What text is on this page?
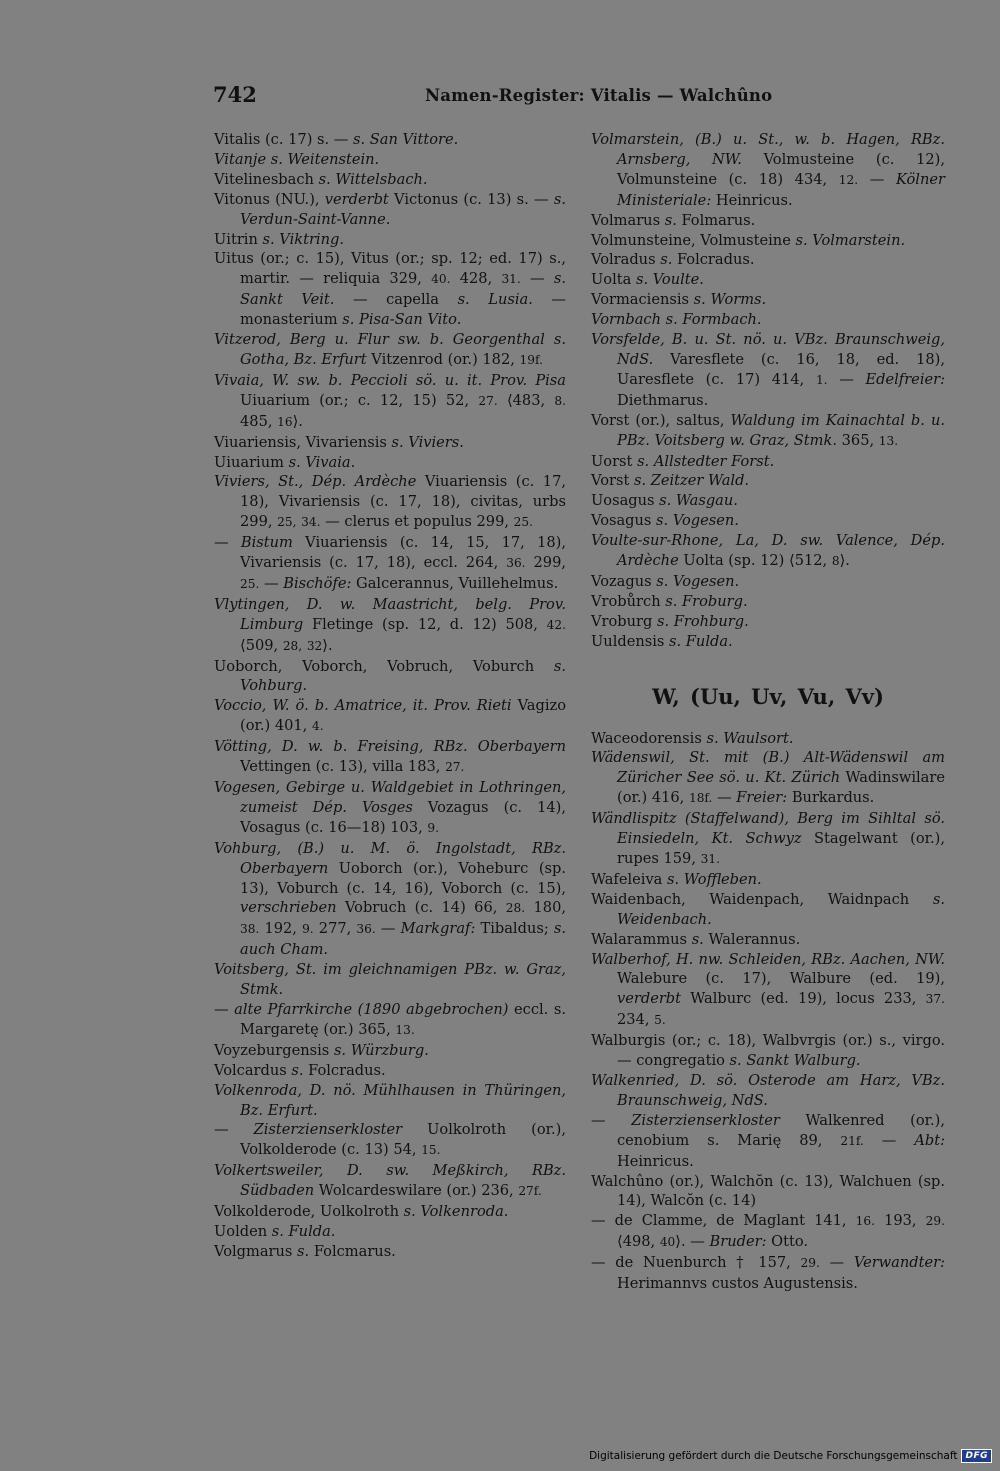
742	Namen-Register: Vitalis — Walchûno
Vitalis (c. 17) s. — s. San Vittore.
Vitanje s. Weitenstein.
Vitelinesbach s. Wittelsbach.
Vitonus (NU.), verderbt Victonus (c. 13) s. — s. Verdun-Saint-Vanne.
Uitrin s. Viktring.
Uitus (or.; c. 15), Vitus (or.; sp. 12; ed. 17) s., martir. — reliquia 329, 40. 428, 31. — s. Sankt Veit. — capella s. Lusia. — monasterium s. Pisa-San Vito.
Vitzerod, Berg u. Flur sw. b. Georgenthal s. Gotha, Bz. Erfurt Vitzenrod (or.) 182, 19f.
Vivaia, W. sw. b. Peccioli sö. u. it. Prov. Pisa Uiuarium (or.; c. 12, 15) 52, 27. ⟨483, 8. 485, 16⟩.
Viuariensis, Vivariensis s. Viviers.
Uiuarium s. Vivaia.
Viviers, St., Dép. Ardèche Viuariensis (c. 17, 18), Vivariensis (c. 17, 18), civitas, urbs 299, 25, 34. — clerus et populus 299, 25.
— Bistum Viuariensis (c. 14, 15, 17, 18), Vivariensis (c. 17, 18), eccl. 264, 36. 299, 25. — Bischöfe: Galcerannus, Vuillehelmus.
Vlytingen, D. w. Maastricht, belg. Prov. Limburg Fletinge (sp. 12, d. 12) 508, 42. ⟨509, 28, 32⟩.
Uoborch, Voborch, Vobruch, Voburch s. Vohburg.
Voccio, W. ö. b. Amatrice, it. Prov. Rieti Vagizo (or.) 401, 4.
Vötting, D. w. b. Freising, RBz. Oberbayern Vettingen (c. 13), villa 183, 27.
Vogesen, Gebirge u. Waldgebiet in Lothringen, zumeist Dép. Vosges Vozagus (c. 14), Vosagus (c. 16—18) 103, 9.
Vohburg, (B.) u. M. ö. Ingolstadt, RBz. Oberbayern Uoborch (or.), Voheburc (sp. 13), Voburch (c. 14, 16), Voborch (c. 15), verschrieben Vobruch (c. 14) 66, 28. 180, 38. 192, 9. 277, 36. — Markgraf: Tibaldus; s. auch Cham.
Voitsberg, St. im gleichnamigen PBz. w. Graz, Stmk.
— alte Pfarrkirche (1890 abgebrochen) eccl. s. Margaretę (or.) 365, 13.
Voyzeburgensis s. Würzburg.
Volcardus s. Folcradus.
Volkenroda, D. nö. Mühlhausen in Thüringen, Bz. Erfurt.
— Zisterzienserkloster Uolkolroth (or.), Volkolderode (c. 13) 54, 15.
Volkertsweiler, D. sw. Meßkirch, RBz. Südbaden Wolcardeswilare (or.) 236, 27f.
Volkolderode, Uolkolroth s. Volkenroda.
Uolden s. Fulda.
Volgmarus s. Folcmarus.
Volmarstein, (B.) u. St., w. b. Hagen, RBz. Arnsberg, NW. Volmusteine (c. 12), Volmunsteine (c. 18) 434, 12. — Kölner Ministeriale: Heinricus.
Volmarus s. Folmarus.
Volmunsteine, Volmusteine s. Volmarstein.
Volradus s. Folcradus.
Uolta s. Voulte.
Vormaciensis s. Worms.
Vornbach s. Formbach.
Vorsfelde, B. u. St. nö. u. VBz. Braunschweig, NdS. Varesflete (c. 16, 18, ed. 18), Uaresflete (c. 17) 414, 1. — Edelfreier: Diethmarus.
Vorst (or.), saltus, Waldung im Kainachtal b. u. PBz. Voitsberg w. Graz, Stmk. 365, 13.
Uorst s. Allstedter Forst.
Vorst s. Zeitzer Wald.
Uosagus s. Wasgau.
Vosagus s. Vogesen.
Voulte-sur-Rhone, La, D. sw. Valence, Dép. Ardèche Uolta (sp. 12) ⟨512, 8⟩.
Vozagus s. Vogesen.
Vrobůrch s. Froburg.
Vroburg s. Frohburg.
Uuldensis s. Fulda.
W, (Uu, Uv, Vu, Vv)
Waceodorensis s. Waulsort.
Wädenswil, St. mit (B.) Alt-Wädenswil am Züricher See sö. u. Kt. Zürich Wadinswilare (or.) 416, 18f. — Freier: Burkardus.
Wändlispitz (Staffelwand), Berg im Sihltal sö. Einsiedeln, Kt. Schwyz Stagelwant (or.), rupes 159, 31.
Wafeleiva s. Woffleben.
Waidenbach, Waidenpach, Waidnpach s. Weidenbach.
Walarammus s. Walerannus.
Walberhof, H. nw. Schleiden, RBz. Aachen, NW. Walebure (c. 17), Walbure (ed. 19), verderbt Walburc (ed. 19), locus 233, 37. 234, 5.
Walburgis (or.; c. 18), Walbvrgis (or.) s., virgo. — congregatio s. Sankt Walburg.
Walkenried, D. sö. Osterode am Harz, VBz. Braunschweig, NdS.
— Zisterzienserkloster Walkenred (or.), cenobium s. Marię 89, 21f. — Abt: Heinricus.
Walchûno (or.), Walchŏn (c. 13), Walchuen (sp. 14), Walcŏn (c. 14)
— de Clamme, de Maglant 141, 16. 193, 29. ⟨498, 40⟩. — Bruder: Otto.
— de Nuenburch † 157, 29. — Verwandter: Herimannvs custos Augustensis.
Digitalisierung gefördert durch die Deutsche Forschungsgemeinschaft DFG
